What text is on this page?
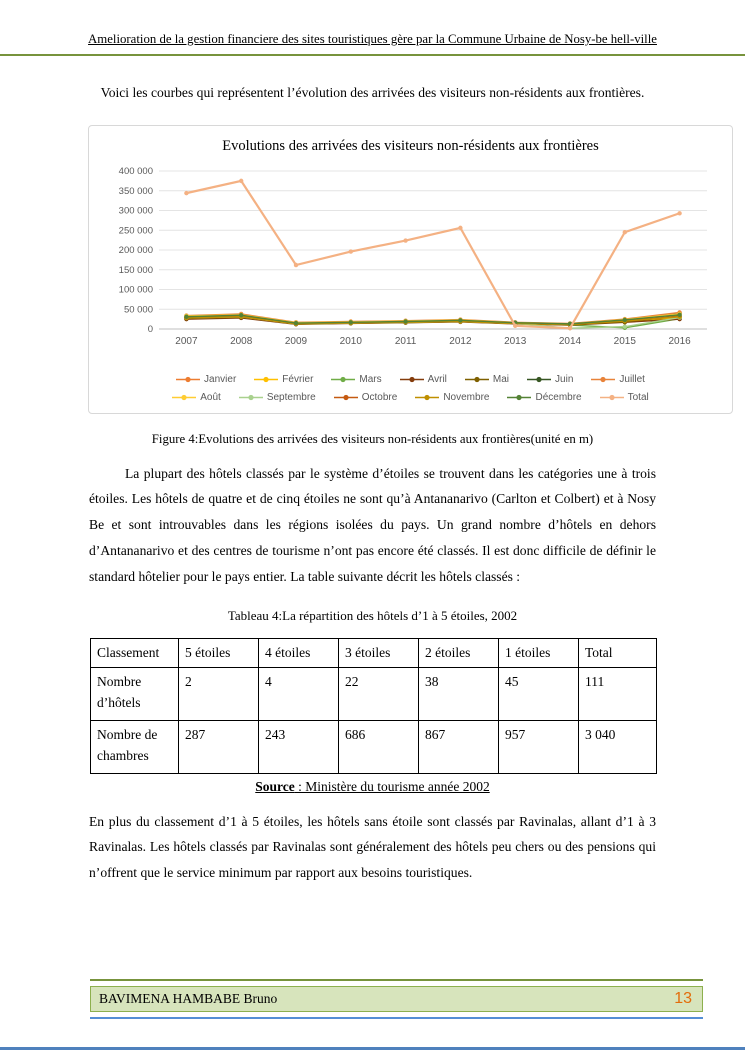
Amelioration de la gestion financiere des sites touristiques gère par la Commune Urbaine de Nosy-be hell-ville
Voici les courbes qui représentent l’évolution des arrivées des visiteurs non-résidents aux frontières.
Evolutions des arrivées des visiteurs non-résidents aux frontières
0
50 000
100 000
150 000
200 000
250 000
300 000
350 000
400 000
2007	2008	2009	2010	2011	2012	2013	2014	2015	2016
Janvier	Février	Mars	Avril	Mai	Juin	Juillet
Août	Septembre	Octobre	Novembre	Décembre	Total
Figure 4:Evolutions des arrivées des visiteurs non-résidents aux frontières(unité en m)
La plupart des hôtels classés par le système d’étoiles se trouvent dans les catégories une à trois étoiles. Les hôtels de quatre et de cinq étoiles ne sont qu’à Antananarivo (Carlton et Colbert) et à Nosy Be et sont introuvables dans les régions isolées du pays. Un grand nombre d’hôtels en dehors d’Antananarivo et des centres de tourisme n’ont pas encore été classés. Il est donc difficile de définir le standard hôtelier pour le pays entier. La table suivante décrit les hôtels classés :
Tableau 4:La répartition des hôtels d’1 à 5 étoiles, 2002
Classement	5 étoiles	4 étoiles	3 étoiles	2 étoiles	1 étoiles	Total
Nombre d’hôtels	2	4	22	38	45	111
Nombre de chambres	287	243	686	867	957	3 040
Source : Ministère du tourisme année 2002
En plus du classement d’1 à 5 étoiles, les hôtels sans étoile sont classés par Ravinalas, allant d’1 à 3 Ravinalas. Les hôtels classés par Ravinalas sont généralement des hôtels peu chers ou des pensions qui n’offrent que le service minimum par rapport aux besoins touristiques.
BAVIMENA HAMBABE Bruno	13
